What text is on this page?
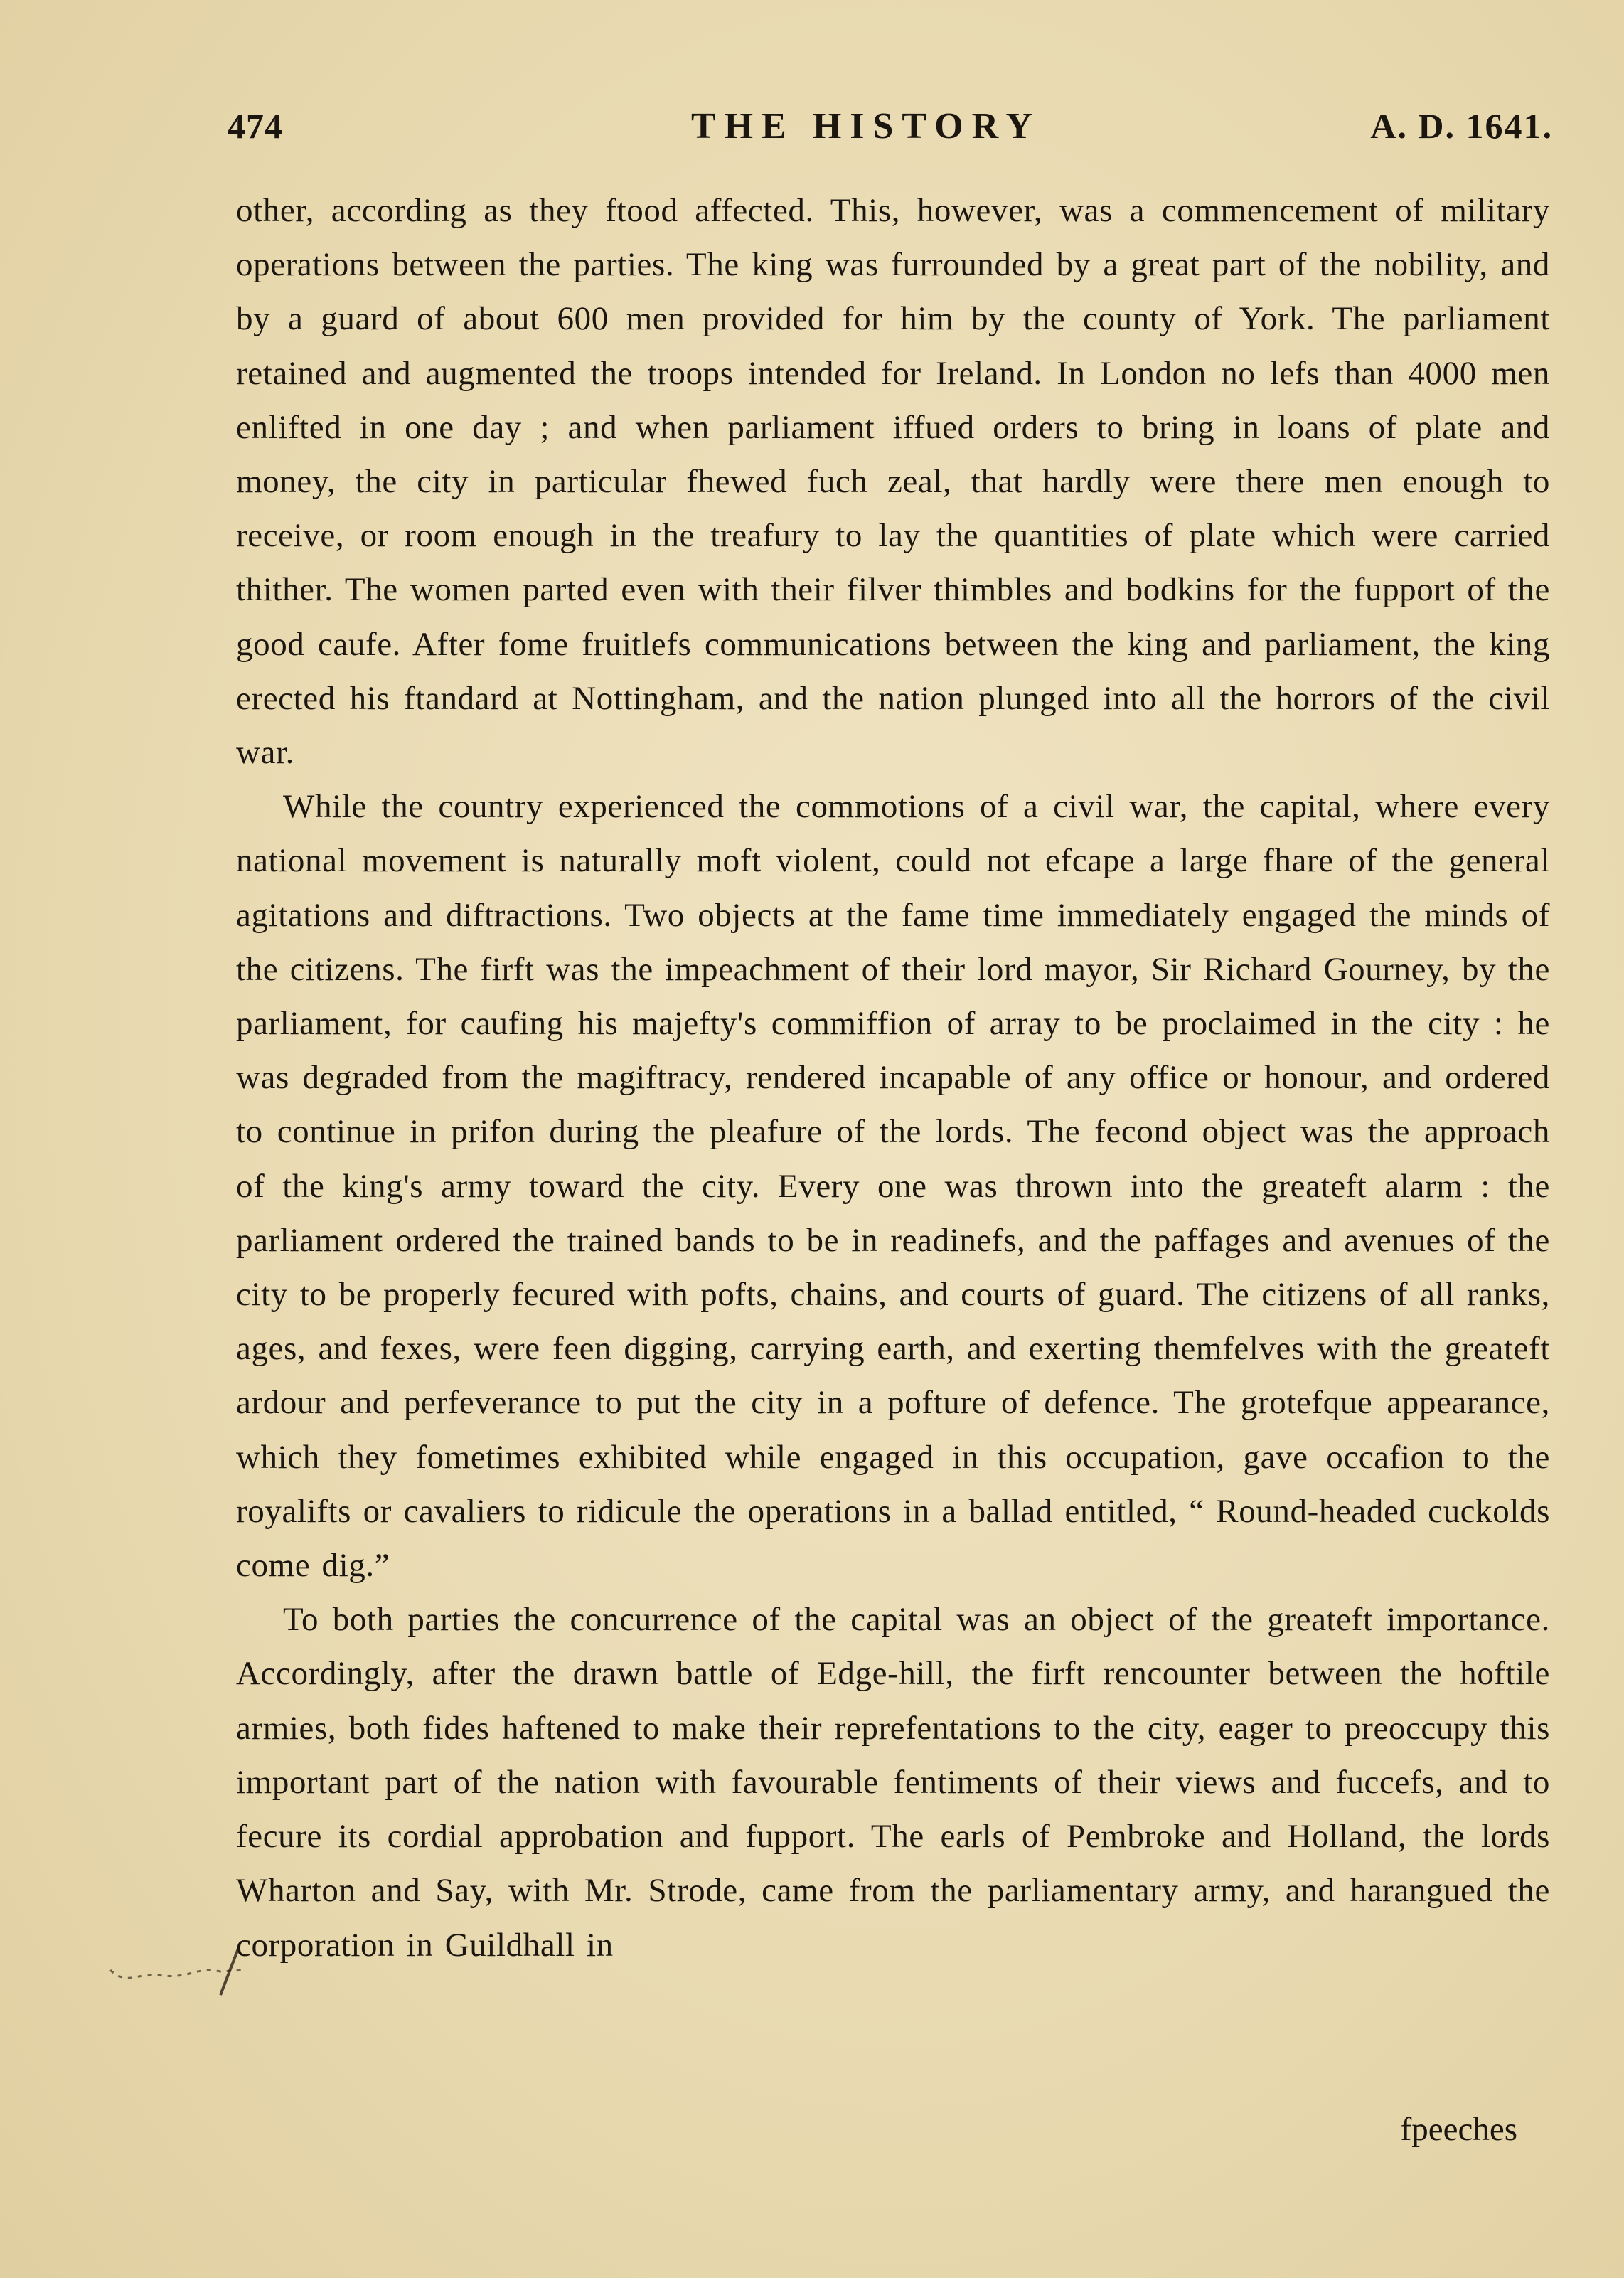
474	THE HISTORY	A. D. 1641.

other, according as they ftood affected. This, however, was a commencement of military operations between the parties. The king was furrounded by a great part of the nobility, and by a guard of about 600 men provided for him by the county of York. The parliament retained and augmented the troops intended for Ireland. In London no lefs than 4000 men enlifted in one day ; and when parliament iffued orders to bring in loans of plate and money, the city in particular fhewed fuch zeal, that hardly were there men enough to receive, or room enough in the treafury to lay the quantities of plate which were carried thither. The women parted even with their filver thimbles and bodkins for the fupport of the good caufe. After fome fruitlefs communications between the king and parliament, the king erected his ftandard at Nottingham, and the nation plunged into all the horrors of the civil war.

While the country experienced the commotions of a civil war, the capital, where every national movement is naturally moft violent, could not efcape a large fhare of the general agitations and diftractions. Two objects at the fame time immediately engaged the minds of the citizens. The firft was the impeachment of their lord mayor, Sir Richard Gourney, by the parliament, for caufing his majefty's commiffion of array to be proclaimed in the city : he was degraded from the magiftracy, rendered incapable of any office or honour, and ordered to continue in prifon during the pleafure of the lords. The fecond object was the approach of the king's army toward the city. Every one was thrown into the greateft alarm : the parliament ordered the trained bands to be in readinefs, and the paffages and avenues of the city to be properly fecured with pofts, chains, and courts of guard. The citizens of all ranks, ages, and fexes, were feen digging, carrying earth, and exerting themfelves with the greateft ardour and perfeverance to put the city in a pofture of defence. The grotefque appearance, which they fometimes exhibited while engaged in this occupation, gave occafion to the royalifts or cavaliers to ridicule the operations in a ballad entitled, “ Round-headed cuckolds come dig.”

To both parties the concurrence of the capital was an object of the greateft importance. Accordingly, after the drawn battle of Edge-hill, the firft rencounter between the hoftile armies, both fides haftened to make their reprefentations to the city, eager to preoccupy this important part of the nation with favourable fentiments of their views and fuccefs, and to fecure its cordial approbation and fupport. The earls of Pembroke and Holland, the lords Wharton and Say, with Mr. Strode, came from the parliamentary army, and harangued the corporation in Guildhall in

fpeeches
